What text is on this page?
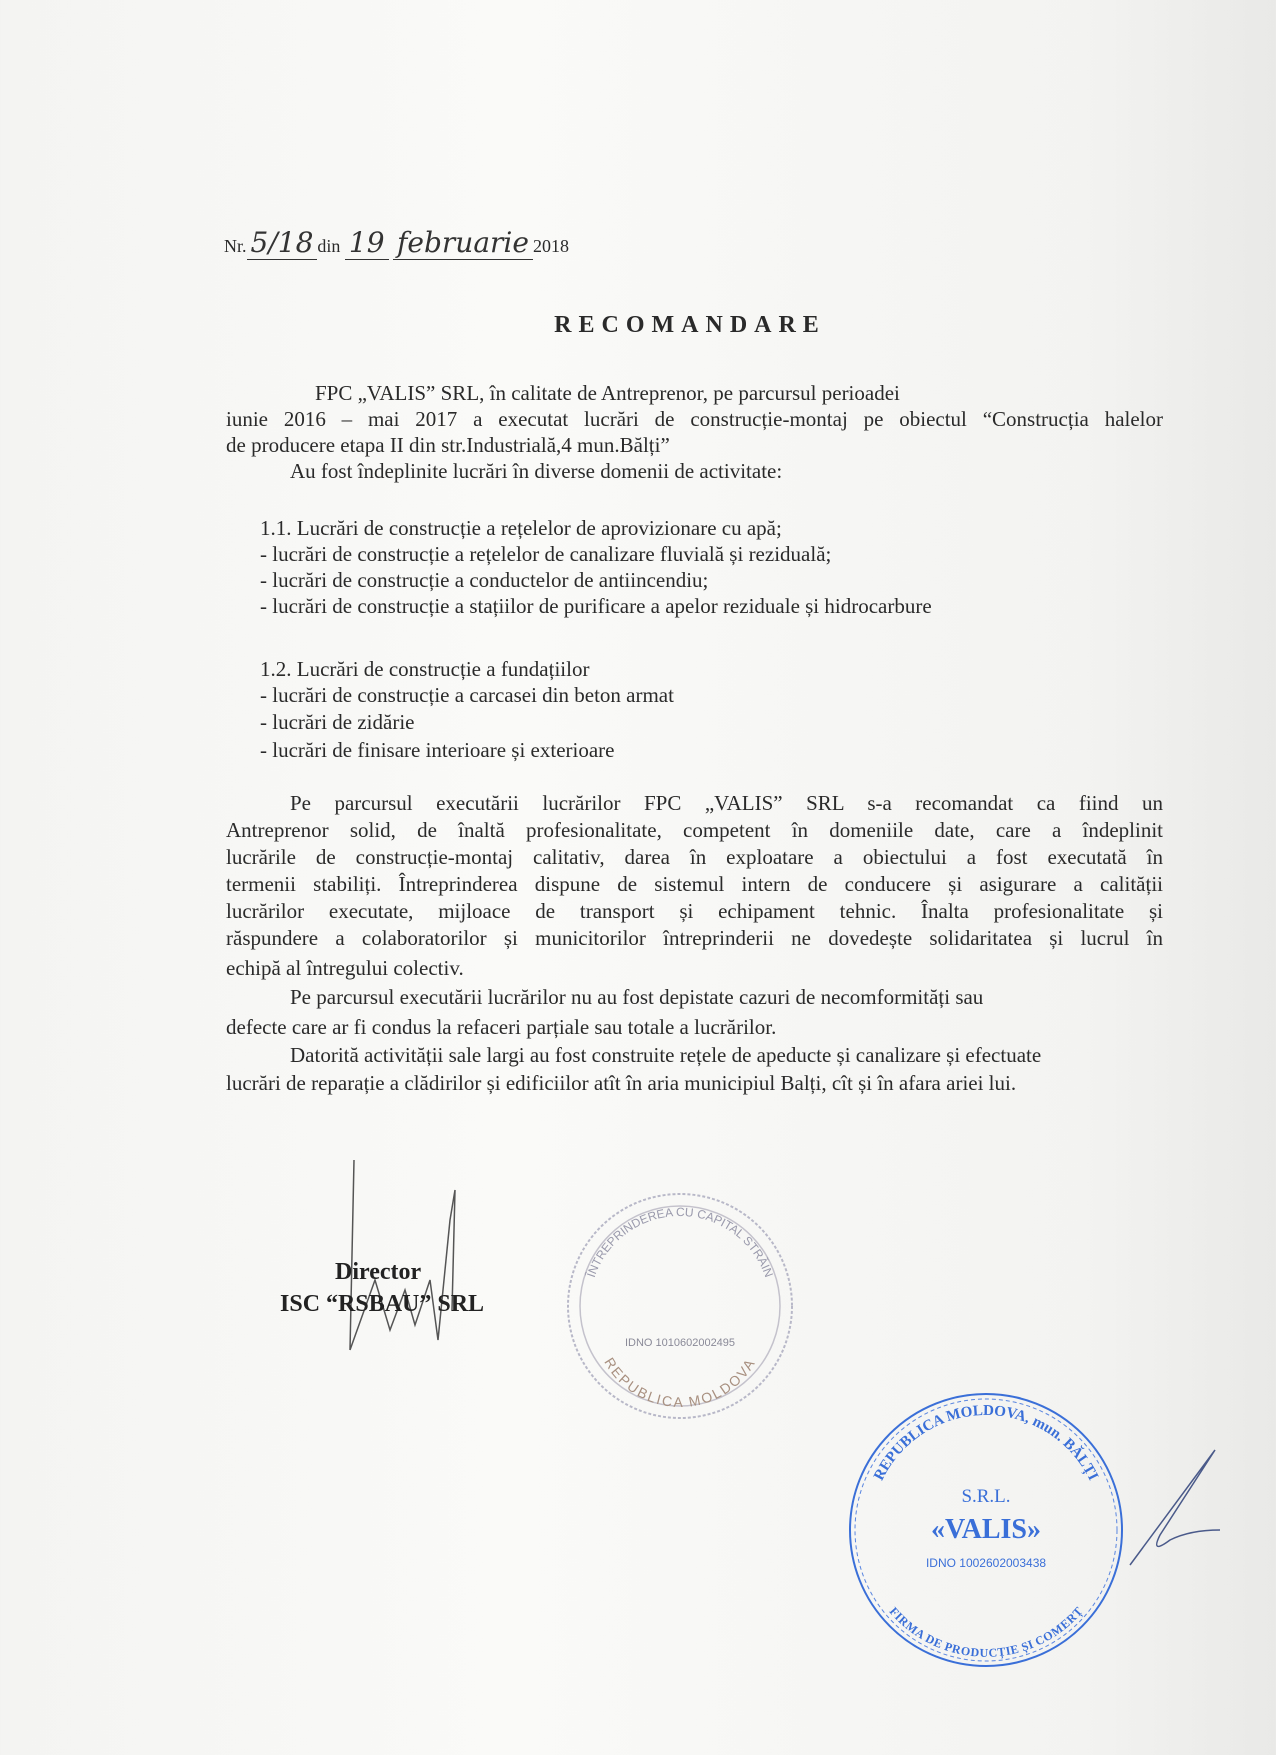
Nr. 5/18 din 19 februarie 2018
RECOMANDARE
FPC „VALIS” SRL, în calitate de Antreprenor, pe parcursul perioadei
iunie 2016 – mai 2017 a executat lucrări de construcție-montaj pe obiectul “Construcția halelor
de producere etapa II din str.Industrială,4 mun.Bălți”
Au fost îndeplinite lucrări în diverse domenii de activitate:
1.1. Lucrări de construcție a rețelelor de aprovizionare cu apă;
- lucrări de construcție a rețelelor de canalizare fluvială și reziduală;
- lucrări de construcție a conductelor de antiincendiu;
- lucrări de construcție a stațiilor de purificare a apelor reziduale și hidrocarbure
1.2. Lucrări de construcție a fundațiilor
- lucrări de construcție a carcasei din beton armat
- lucrări de zidărie
- lucrări de finisare interioare și exterioare
Pe parcursul executării lucrărilor FPC „VALIS” SRL s-a recomandat ca fiind un
Antreprenor solid, de înaltă profesionalitate, competent în domeniile date, care a îndeplinit
lucrările de construcție-montaj calitativ, darea în exploatare a obiectului a fost executată în
termenii stabiliți. Întreprinderea dispune de sistemul intern de conducere și asigurare a calității
lucrărilor executate, mijloace de transport și echipament tehnic. Înalta profesionalitate și
răspundere a colaboratorilor și municitorilor întreprinderii ne dovedește solidaritatea și lucrul în
echipă al întregului colectiv.
Pe parcursul executării lucrărilor nu au fost depistate cazuri de necomformități sau
defecte care ar fi condus la refaceri parțiale sau totale a lucrărilor.
Datorită activității sale largi au fost construite rețele de apeducte și canalizare și efectuate
lucrări de reparație a clădirilor și edificiilor atît în aria municipiul Balți, cît și în afara ariei lui.
ÎNTREPRINDEREA CU CAPITAL STRĂIN
REPUBLICA MOLDOVA
IDNO 1010602002495
Director
ISC “RSBAU” SRL
REPUBLICA MOLDOVA, mun. BĂLȚI
S.R.L.
«VALIS»
IDNO 1002602003438
FIRMA DE PRODUCȚIE ȘI COMERȚ
